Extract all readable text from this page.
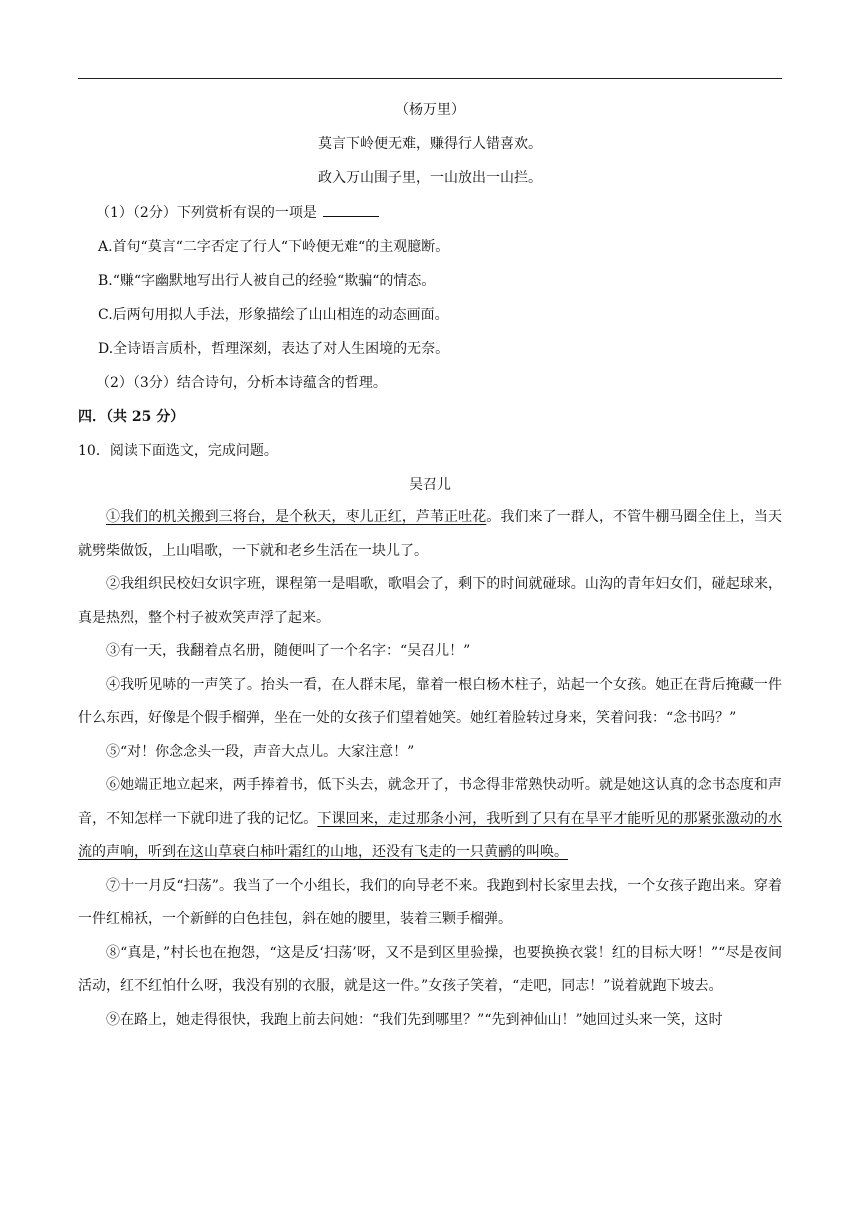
（杨万里）
莫言下岭便无难，赚得行人错喜欢。
政入万山围子里，一山放出一山拦。
（1）（2分）下列赏析有误的一项是
A.首句“莫言“二字否定了行人“下岭便无难“的主观臆断。
B.“赚“字幽默地写出行人被自己的经验“欺骗“的情态。
C.后两句用拟人手法，形象描绘了山山相连的动态画面。
D.全诗语言质朴，哲理深刻，表达了对人生困境的无奈。
（2）（3分）结合诗句，分析本诗蕴含的哲理。
四．（共 25 分）
10．阅读下面选文，完成问题。
吴召儿
①我们的机关搬到三将台，是个秋天，枣儿正红，芦苇正吐花。我们来了一群人，不管牛棚马圈全住上，当天就劈柴做饭，上山唱歌，一下就和老乡生活在一块儿了。
②我组织民校妇女识字班，课程第一是唱歌，歌唱会了，剩下的时间就碰球。山沟的青年妇女们，碰起球来，真是热烈，整个村子被欢笑声浮了起来。
③有一天，我翻着点名册，随便叫了一个名字：“吴召儿！”
④我听见哧的一声笑了。抬头一看，在人群末尾，靠着一根白杨木柱子，站起一个女孩。她正在背后掩藏一件什么东西，好像是个假手榴弹，坐在一处的女孩子们望着她笑。她红着脸转过身来，笑着问我：“念书吗？”
⑤“对！你念念头一段，声音大点儿。大家注意！”
⑥她端正地立起来，两手捧着书，低下头去，就念开了，书念得非常熟快动听。就是她这认真的念书态度和声音，不知怎样一下就印进了我的记忆。下课回来，走过那条小河，我听到了只有在旱平才能听见的那紧张激动的水流的声响，听到在这山草衰白柿叶霜红的山地，还没有飞走的一只黄鹂的叫唤。
⑦十一月反“扫荡”。我当了一个小组长，我们的向导老不来。我跑到村长家里去找，一个女孩子跑出来。穿着一件红棉袄，一个新鲜的白色挂包，斜在她的腰里，装着三颗手榴弹。
⑧“真是，”村长也在抱怨，“这是反‘扫荡’呀，又不是到区里验操，也要换换衣裳！红的目标大呀！”“尽是夜间活动，红不红怕什么呀，我没有别的衣服，就是这一件。”女孩子笑着，“走吧，同志！”说着就跑下坡去。
⑨在路上，她走得很快，我跑上前去问她：“我们先到哪里？”“先到神仙山！”她回过头来一笑，这时
